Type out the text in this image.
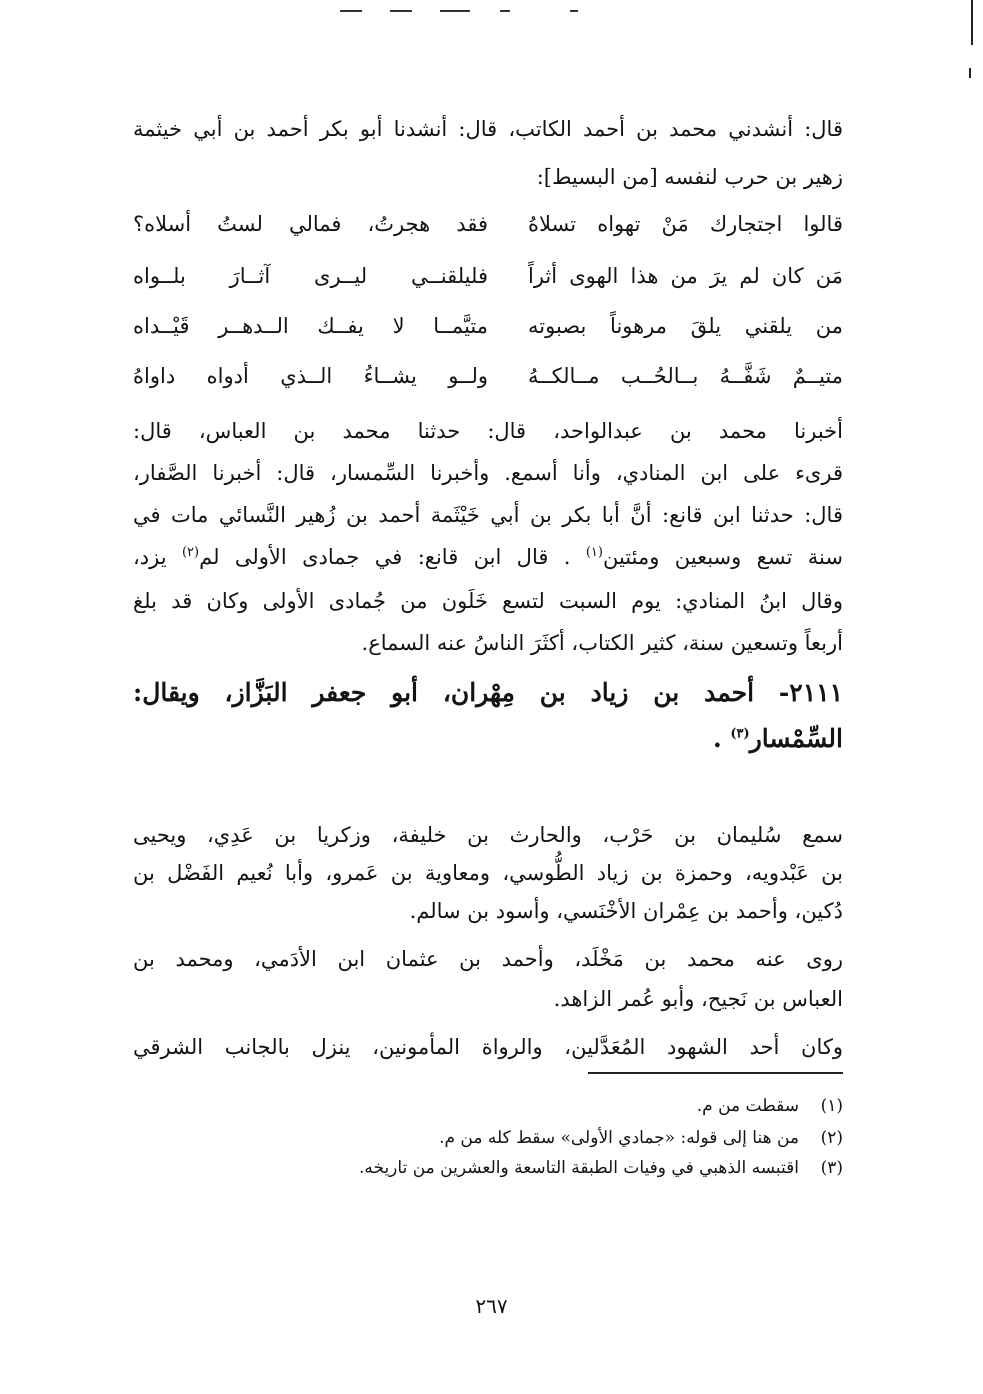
قال: أنشدني محمد بن أحمد الكاتب، قال: أنشدنا أبو بكر أحمد بن أبي خيثمة
زهير بن حرب لنفسه [من البسيط]:
قالوا اجتجارك مَنْ تهواه تسلاهُ
فقد هجرتُ، فمالي لستُ أسلاه؟
مَن كان لم يرَ من هذا الهوى أثراً
فليلقنــي ليــرى آثــارَ بلــواه
من يلقني يلقَ مرهوناً بصبوته
متيَّمــا لا يفــك الــدهــر قَيْــداه
متيــمٌ شَفَّــهُ بــالحُــب مــالكــهُ
ولــو يشــاءُ الــذي أدواه داواهُ
أخبرنا محمد بن عبدالواحد، قال: حدثنا محمد بن العباس، قال:
قرىء على ابن المنادي، وأنا أسمع. وأخبرنا السِّمسار، قال: أخبرنا الصَّفار،
قال: حدثنا ابن قانع: أنَّ أبا بكر بن أبي خَيْثَمة أحمد بن زُهير النَّسائي مات في
سنة تسع وسبعين ومئتين$^{(١)}$ . قال ابن قانع: في جمادى الأولى لم$^{(٢)}$ يزد،
وقال ابنُ المنادي: يوم السبت لتسع خَلَون من جُمادى الأولى وكان قد بلغ
أربعاً وتسعين سنة، كثير الكتاب، أكثَرَ الناسُ عنه السماع.
٢١١١- أحمد بن زياد بن مِهْران، أبو جعفر البَزَّاز، ويقال:
السِّمْسار$^{(٣)}$ .
سمع سُليمان بن حَرْب، والحارث بن خليفة، وزكريا بن عَدِي، ويحيى
بن عَبْدويه، وحمزة بن زياد الطُّوسي، ومعاوية بن عَمرو، وأبا نُعيم الفَضْل بن
دُكين، وأحمد بن عِمْران الأخْنَسي، وأسود بن سالم.
روى عنه محمد بن مَخْلَد، وأحمد بن عثمان ابن الأدَمي، ومحمد بن
العباس بن نَجيح، وأبو عُمر الزاهد.
وكان أحد الشهود المُعَدَّلين، والرواة المأمونين، ينزل بالجانب الشرقي
(١)سقطت من م.
(٢)من هنا إلى قوله: «جمادي الأولى» سقط كله من م.
(٣)اقتبسه الذهبي في وفيات الطبقة التاسعة والعشرين من تاريخه.
٢٦٧
